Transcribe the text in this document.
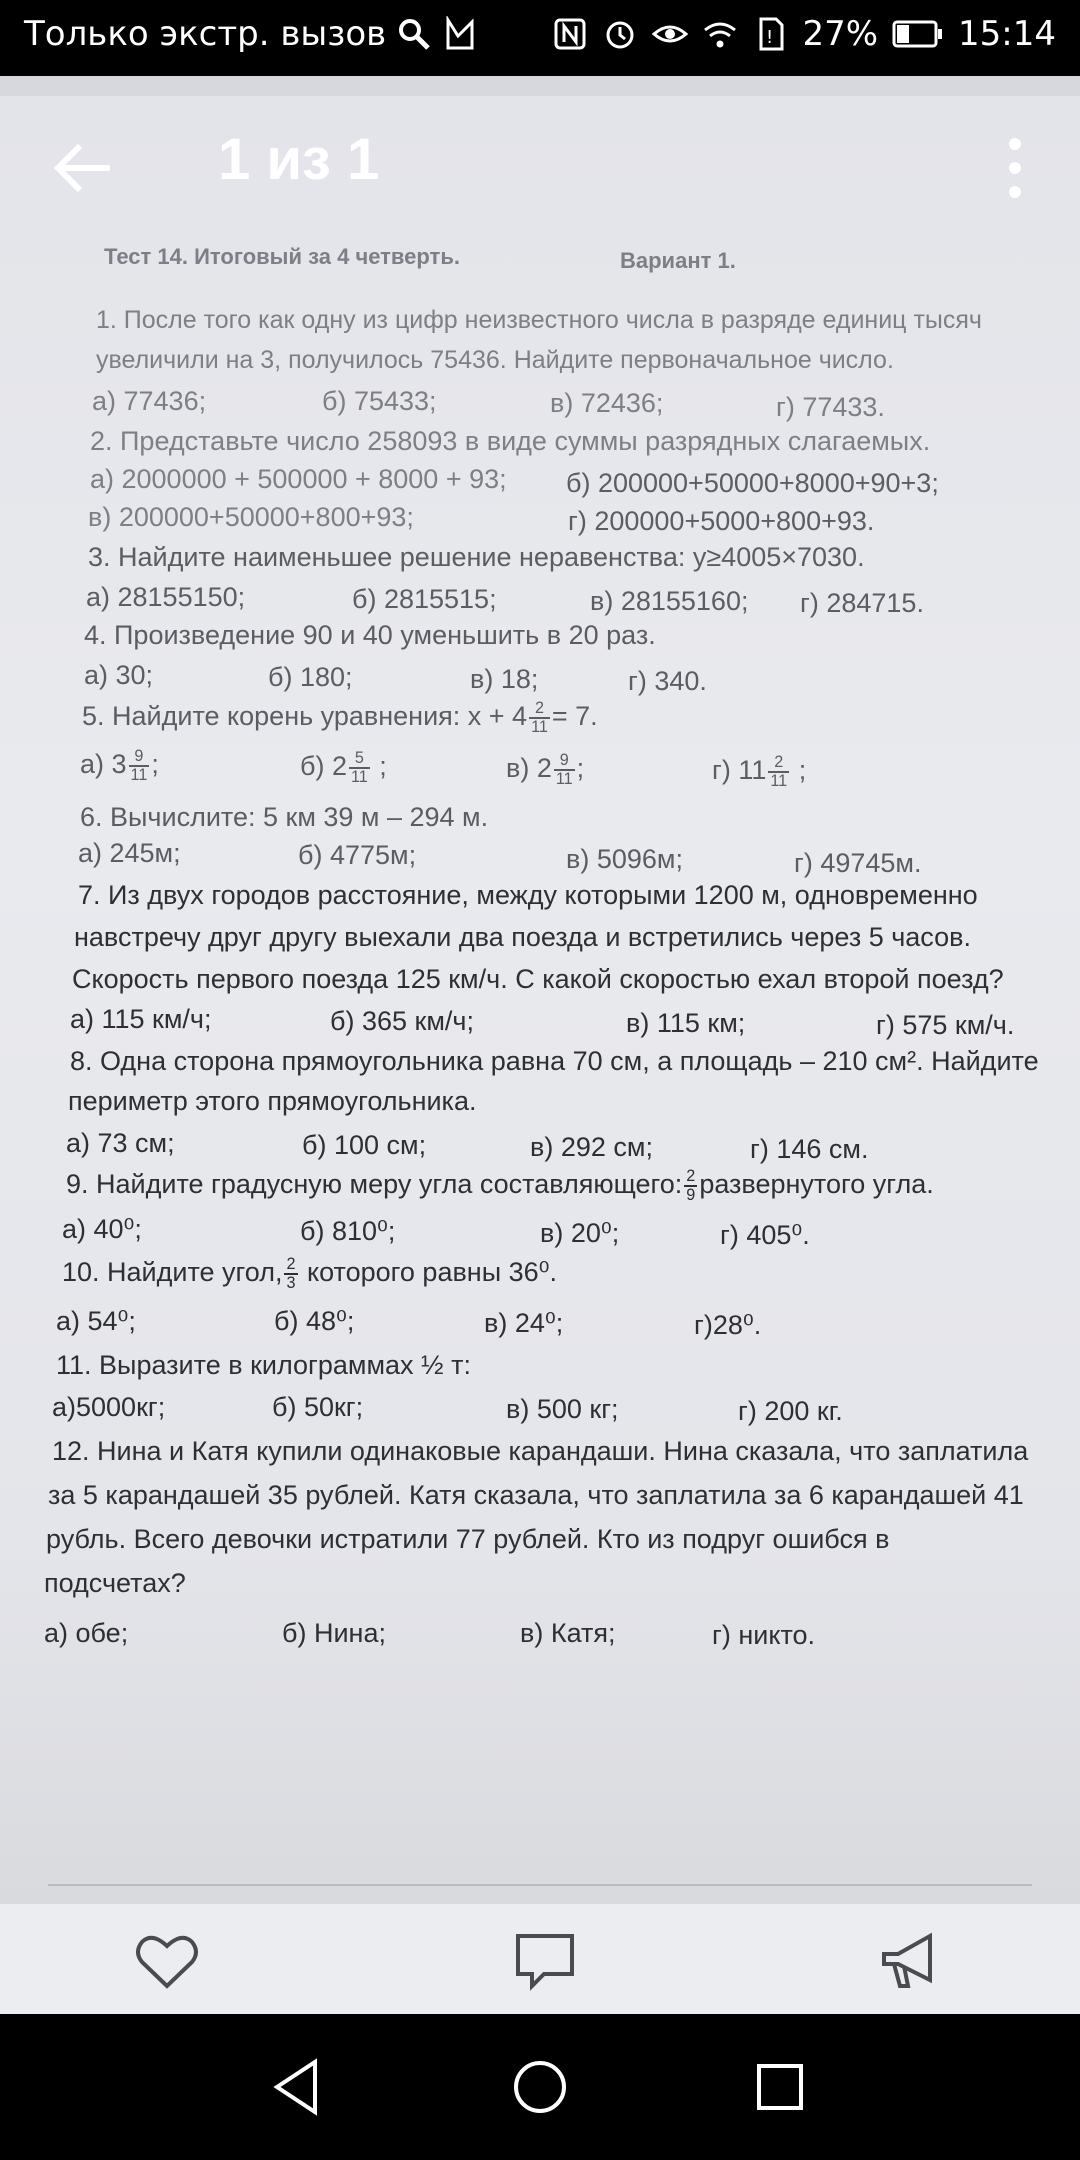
Только экстр. вызов	! 27% 15:14
Тест 14. Итоговый за 4 четверть.	Вариант 1.
1. После того как одну из цифр неизвестного числа в разряде единиц тысяч
увеличили на 3, получилось 75436. Найдите первоначальное число.
а) 77436;	б) 75433;	в) 72436;	г) 77433.
2. Представьте число 258093 в виде суммы разрядных слагаемых.
а) 2000000 + 500000 + 8000 + 93; б) 200000+50000+8000+90+3;
в) 200000+50000+800+93;	г) 200000+5000+800+93.
3. Найдите наименьшее решение неравенства: y≥4005×7030.
а) 28155150;	б) 2815515;	в) 28155160; г) 284715.
4. Произведение 90 и 40 уменьшить в 20 раз.
а) 30;	б) 180;	в) 18;	г) 340.
5. Найдите корень уравнения: $x + 4 \frac{2}{11} = 7$.
а) $3 \frac{9}{11}$ ;	б) $2 \frac{5}{11}$ ;	в) $2 \frac{9}{11}$ ;	г) $11 \frac{2}{11}$ ;
6. Вычислите: 5 км 39 м – 294 м.
а) 245м;	б) 4775м;	в) 5096м;	г) 49745м.
7. Из двух городов расстояние, между которыми 1200 м, одновременно
навстречу друг другу выехали два поезда и встретились через 5 часов.
Скорость первого поезда 125 км/ч. С какой скоростью ехал второй поезд?
а) 115 км/ч;	б) 365 км/ч;	в) 115 км;	г) 575 км/ч.
8. Одна сторона прямоугольника равна 70 см, а площадь – 210 см². Найдите
периметр этого прямоугольника.
а) 73 см;	б) 100 см;	в) 292 см;	г) 146 см.
9. Найдите градусную меру угла составляющего: $\frac{2}{9}$ развернутого угла.
а) 40⁰;	б) 810⁰;	в) 20⁰;	г) 405⁰.
10. Найдите угол, $\frac{2}{3}$ которого равны 36⁰.
а) 54⁰;	б) 48⁰;	в) 24⁰;	г)28⁰.
11. Выразите в килограммах ½ т:
а)5000кг;	б) 50кг;	в) 500 кг;	г) 200 кг.
12. Нина и Катя купили одинаковые карандаши. Нина сказала, что заплатила
за 5 карандашей 35 рублей. Катя сказала, что заплатила за 6 карандашей 41
рубль. Всего девочки истратили 77 рублей. Кто из подруг ошибся в
подсчетах?
а) обе;	б) Нина;	в) Катя;	г) никто.
1 из 1
